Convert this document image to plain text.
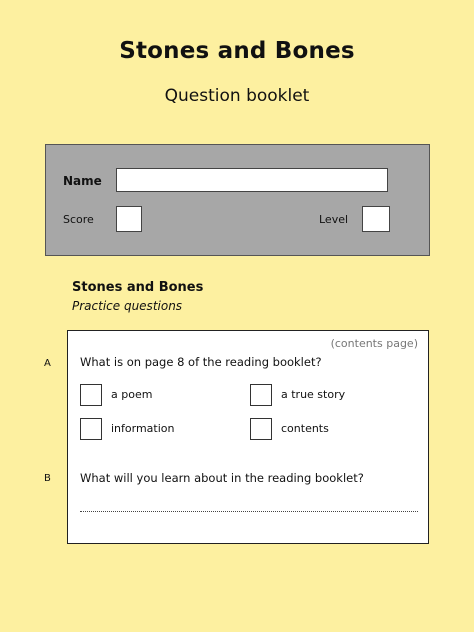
Stones and Bones
Question booklet
Name
Score	Level
Stones and Bones
Practice questions
A
B
(contents page)
What is on page 8 of the reading booklet?
a poem	a true story
information	contents
What will you learn about in the reading booklet?
